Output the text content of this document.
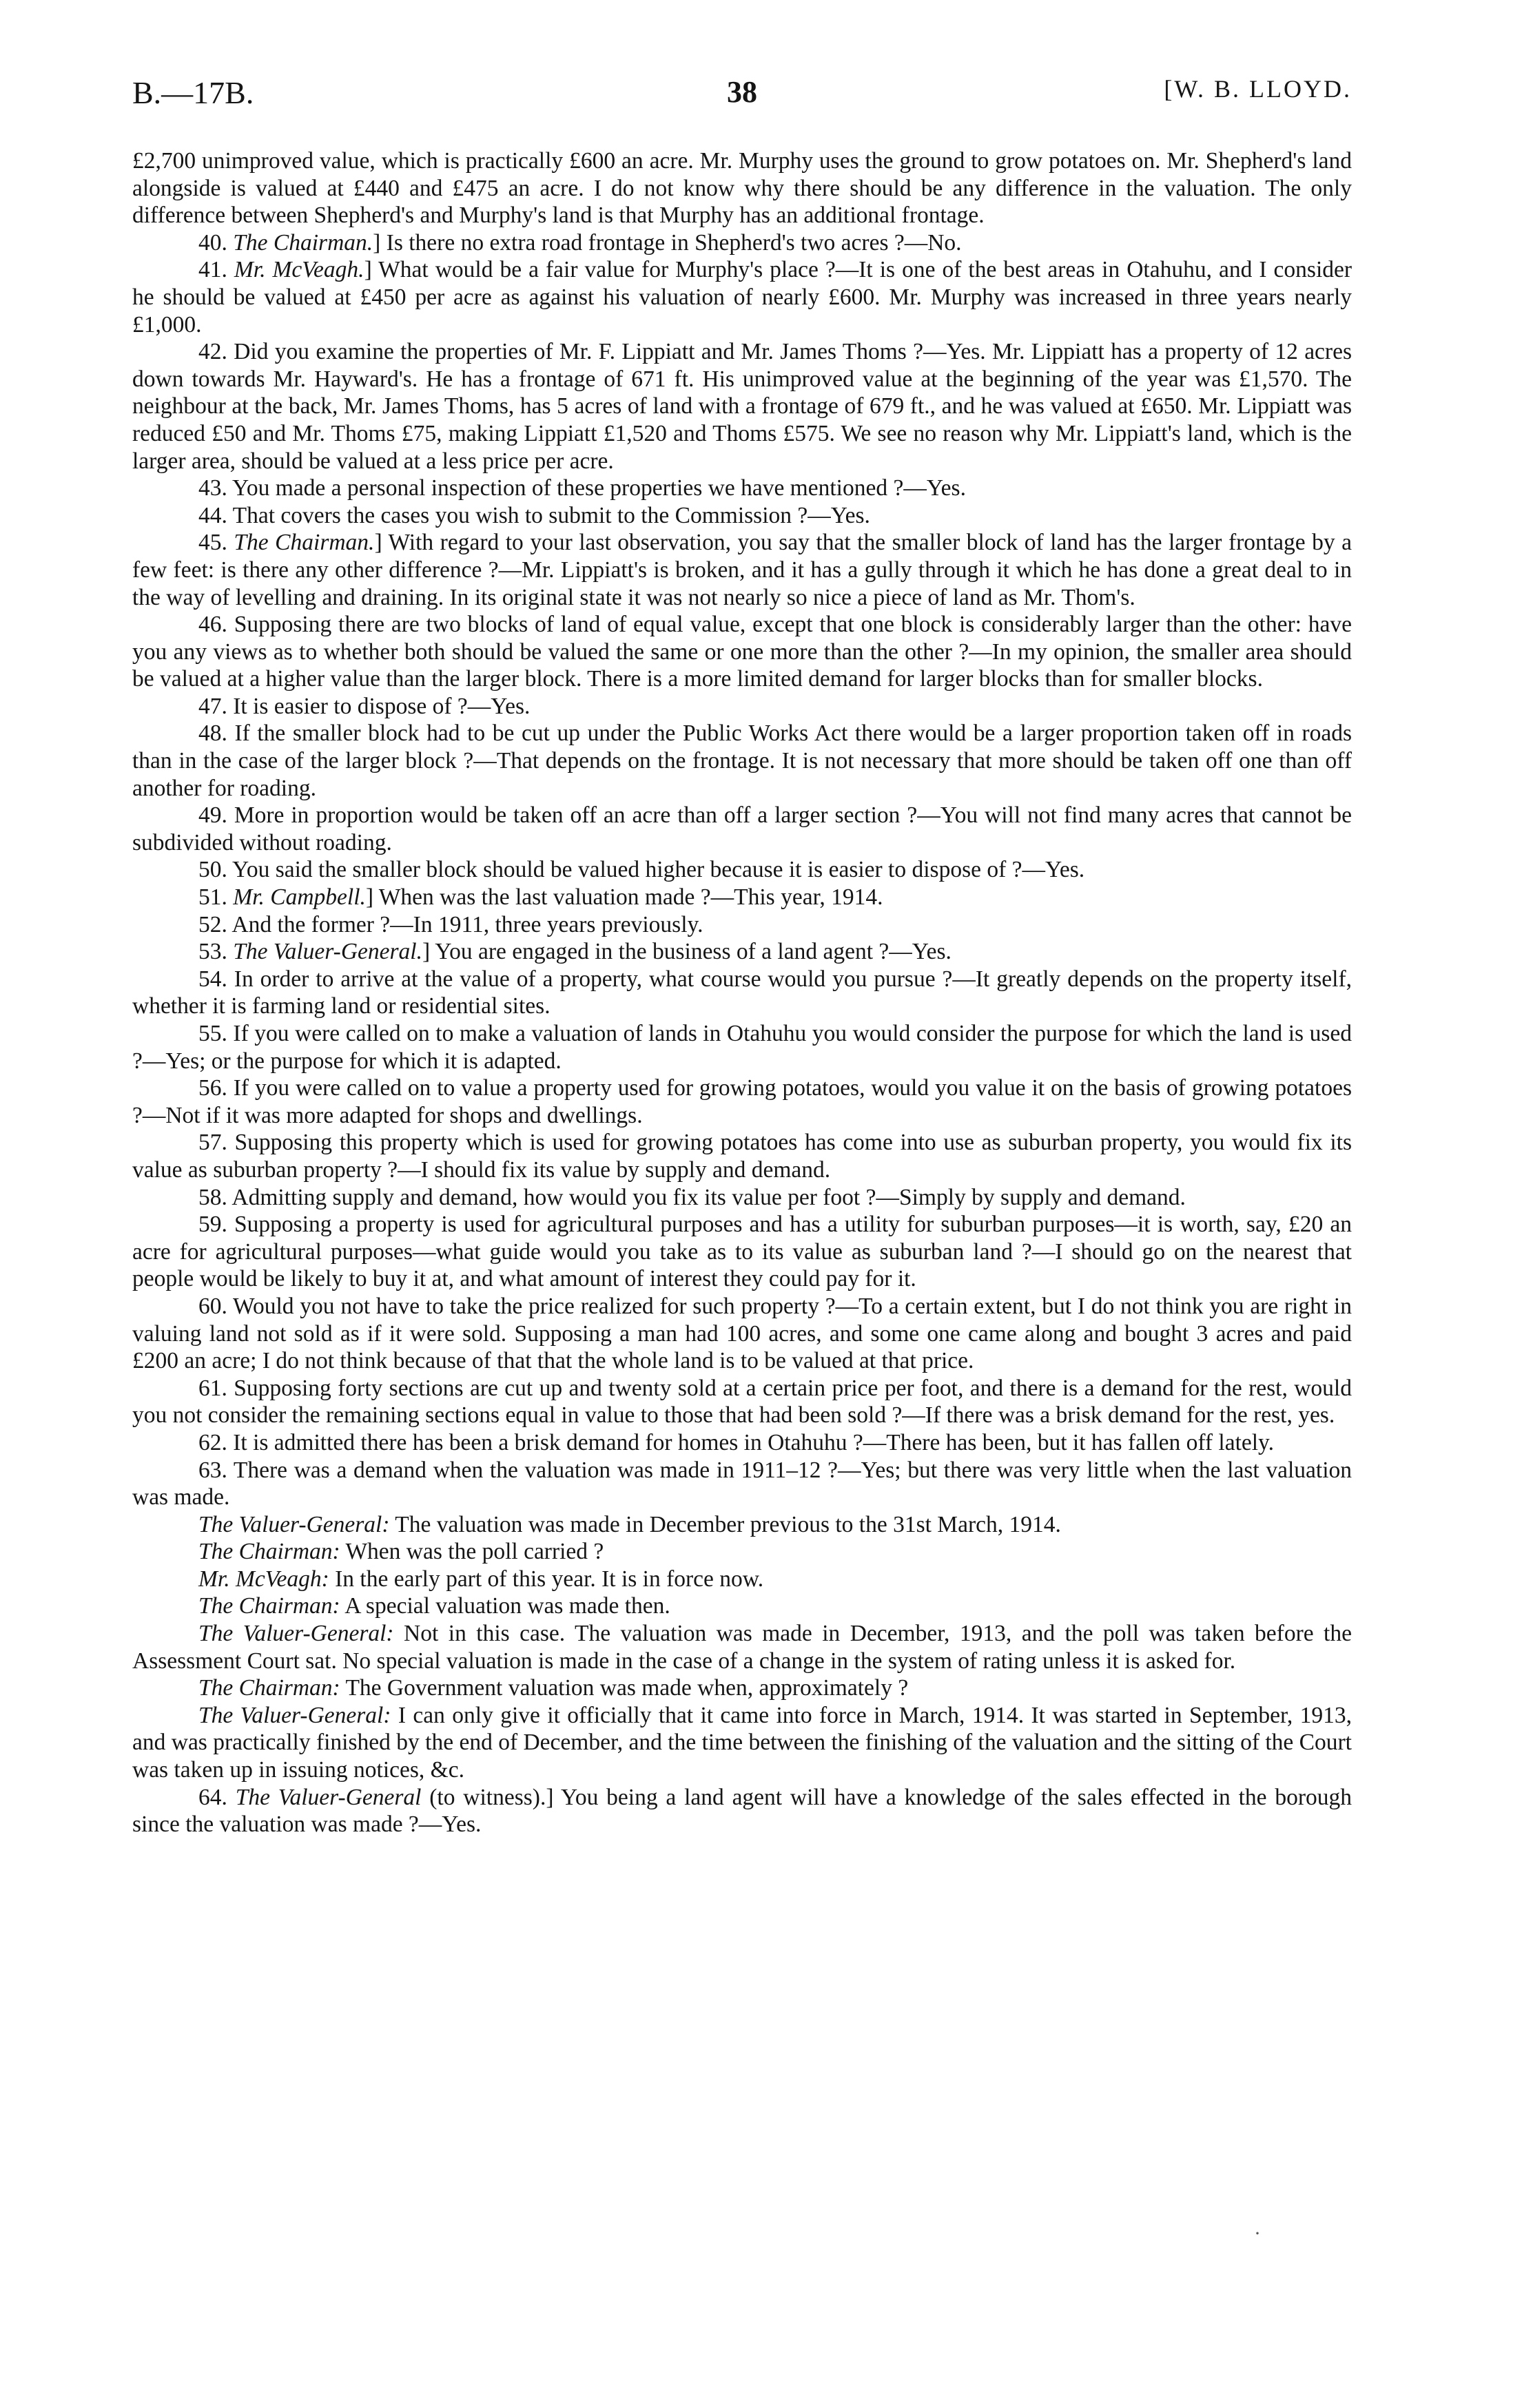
B.—17B.	38	[W. B. LLOYD.

£2,700 unimproved value, which is practically £600 an acre. Mr. Murphy uses the ground to grow potatoes on. Mr. Shepherd's land alongside is valued at £440 and £475 an acre. I do not know why there should be any difference in the valuation. The only difference between Shepherd's and Murphy's land is that Murphy has an additional frontage.

40. The Chairman.] Is there no extra road frontage in Shepherd's two acres ?—No.

41. Mr. McVeagh.] What would be a fair value for Murphy's place ?—It is one of the best areas in Otahuhu, and I consider he should be valued at £450 per acre as against his valuation of nearly £600. Mr. Murphy was increased in three years nearly £1,000.

42. Did you examine the properties of Mr. F. Lippiatt and Mr. James Thoms ?—Yes. Mr. Lippiatt has a property of 12 acres down towards Mr. Hayward's. He has a frontage of 671 ft. His unimproved value at the beginning of the year was £1,570. The neighbour at the back, Mr. James Thoms, has 5 acres of land with a frontage of 679 ft., and he was valued at £650. Mr. Lippiatt was reduced £50 and Mr. Thoms £75, making Lippiatt £1,520 and Thoms £575. We see no reason why Mr. Lippiatt's land, which is the larger area, should be valued at a less price per acre.

43. You made a personal inspection of these properties we have mentioned ?—Yes.

44. That covers the cases you wish to submit to the Commission ?—Yes.

45. The Chairman.] With regard to your last observation, you say that the smaller block of land has the larger frontage by a few feet: is there any other difference ?—Mr. Lippiatt's is broken, and it has a gully through it which he has done a great deal to in the way of levelling and draining. In its original state it was not nearly so nice a piece of land as Mr. Thom's.

46. Supposing there are two blocks of land of equal value, except that one block is considerably larger than the other: have you any views as to whether both should be valued the same or one more than the other ?—In my opinion, the smaller area should be valued at a higher value than the larger block. There is a more limited demand for larger blocks than for smaller blocks.

47. It is easier to dispose of ?—Yes.

48. If the smaller block had to be cut up under the Public Works Act there would be a larger proportion taken off in roads than in the case of the larger block ?—That depends on the frontage. It is not necessary that more should be taken off one than off another for roading.

49. More in proportion would be taken off an acre than off a larger section ?—You will not find many acres that cannot be subdivided without roading.

50. You said the smaller block should be valued higher because it is easier to dispose of ?—Yes.

51. Mr. Campbell.] When was the last valuation made ?—This year, 1914.

52. And the former ?—In 1911, three years previously.

53. The Valuer-General.] You are engaged in the business of a land agent ?—Yes.

54. In order to arrive at the value of a property, what course would you pursue ?—It greatly depends on the property itself, whether it is farming land or residential sites.

55. If you were called on to make a valuation of lands in Otahuhu you would consider the purpose for which the land is used ?—Yes; or the purpose for which it is adapted.

56. If you were called on to value a property used for growing potatoes, would you value it on the basis of growing potatoes ?—Not if it was more adapted for shops and dwellings.

57. Supposing this property which is used for growing potatoes has come into use as suburban property, you would fix its value as suburban property ?—I should fix its value by supply and demand.

58. Admitting supply and demand, how would you fix its value per foot ?—Simply by supply and demand.

59. Supposing a property is used for agricultural purposes and has a utility for suburban purposes—it is worth, say, £20 an acre for agricultural purposes—what guide would you take as to its value as suburban land ?—I should go on the nearest that people would be likely to buy it at, and what amount of interest they could pay for it.

60. Would you not have to take the price realized for such property ?—To a certain extent, but I do not think you are right in valuing land not sold as if it were sold. Supposing a man had 100 acres, and some one came along and bought 3 acres and paid £200 an acre; I do not think because of that that the whole land is to be valued at that price.

61. Supposing forty sections are cut up and twenty sold at a certain price per foot, and there is a demand for the rest, would you not consider the remaining sections equal in value to those that had been sold ?—If there was a brisk demand for the rest, yes.

62. It is admitted there has been a brisk demand for homes in Otahuhu ?—There has been, but it has fallen off lately.

63. There was a demand when the valuation was made in 1911–12 ?—Yes; but there was very little when the last valuation was made.

The Valuer-General: The valuation was made in December previous to the 31st March, 1914.

The Chairman: When was the poll carried ?

Mr. McVeagh: In the early part of this year. It is in force now.

The Chairman: A special valuation was made then.

The Valuer-General: Not in this case. The valuation was made in December, 1913, and the poll was taken before the Assessment Court sat. No special valuation is made in the case of a change in the system of rating unless it is asked for.

The Chairman: The Government valuation was made when, approximately ?

The Valuer-General: I can only give it officially that it came into force in March, 1914. It was started in September, 1913, and was practically finished by the end of December, and the time between the finishing of the valuation and the sitting of the Court was taken up in issuing notices, &c.

64. The Valuer-General (to witness).] You being a land agent will have a knowledge of the sales effected in the borough since the valuation was made ?—Yes.

·
